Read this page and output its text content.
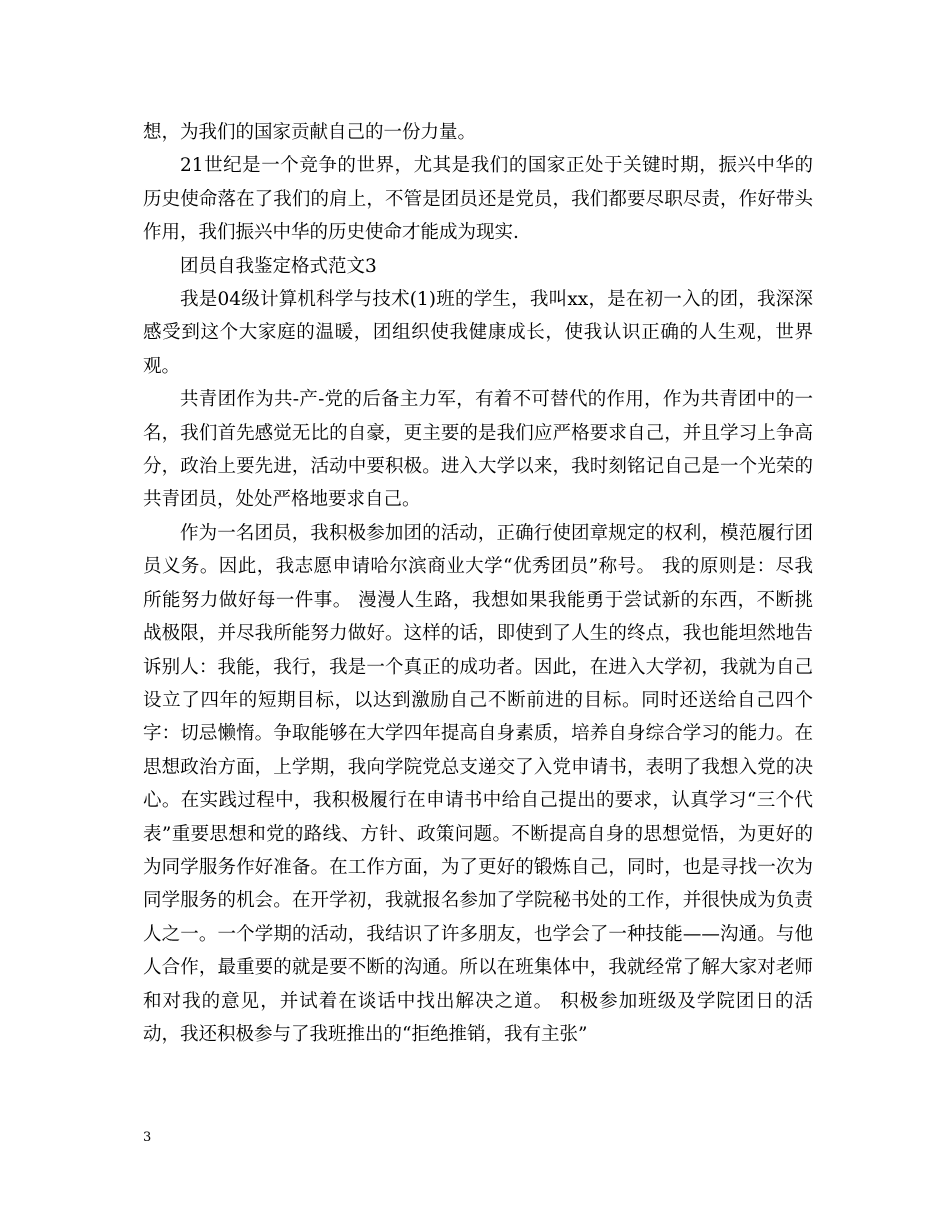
想，为我们的国家贡献自己的一份力量。

21世纪是一个竞争的世界，尤其是我们的国家正处于关键时期，振兴中华的历史使命落在了我们的肩上，不管是团员还是党员，我们都要尽职尽责，作好带头作用，我们振兴中华的历史使命才能成为现实.

团员自我鉴定格式范文3

我是04级计算机科学与技术(1)班的学生，我叫xx，是在初一入的团，我深深感受到这个大家庭的温暖，团组织使我健康成长，使我认识正确的人生观，世界观。

共青团作为共-产-党的后备主力军，有着不可替代的作用，作为共青团中的一名，我们首先感觉无比的自豪，更主要的是我们应严格要求自己，并且学习上争高分，政治上要先进，活动中要积极。进入大学以来，我时刻铭记自己是一个光荣的共青团员，处处严格地要求自己。

作为一名团员，我积极参加团的活动，正确行使团章规定的权利，模范履行团员义务。因此，我志愿申请哈尔滨商业大学“优秀团员”称号。 我的原则是：尽我所能努力做好每一件事。 漫漫人生路，我想如果我能勇于尝试新的东西，不断挑战极限，并尽我所能努力做好。这样的话，即使到了人生的终点，我也能坦然地告诉别人：我能，我行，我是一个真正的成功者。因此，在进入大学初，我就为自己设立了四年的短期目标，以达到激励自己不断前进的目标。同时还送给自己四个字：切忌懒惰。争取能够在大学四年提高自身素质，培养自身综合学习的能力。在思想政治方面，上学期，我向学院党总支递交了入党申请书，表明了我想入党的决心。在实践过程中，我积极履行在申请书中给自己提出的要求，认真学习“三个代表”重要思想和党的路线、方针、政策问题。不断提高自身的思想觉悟，为更好的为同学服务作好准备。在工作方面，为了更好的锻炼自己，同时，也是寻找一次为同学服务的机会。在开学初，我就报名参加了学院秘书处的工作，并很快成为负责人之一。一个学期的活动，我结识了许多朋友，也学会了一种技能——沟通。与他人合作，最重要的就是要不断的沟通。所以在班集体中，我就经常了解大家对老师和对我的意见，并试着在谈话中找出解决之道。 积极参加班级及学院团日的活动，我还积极参与了我班推出的“拒绝推销，我有主张”

3
